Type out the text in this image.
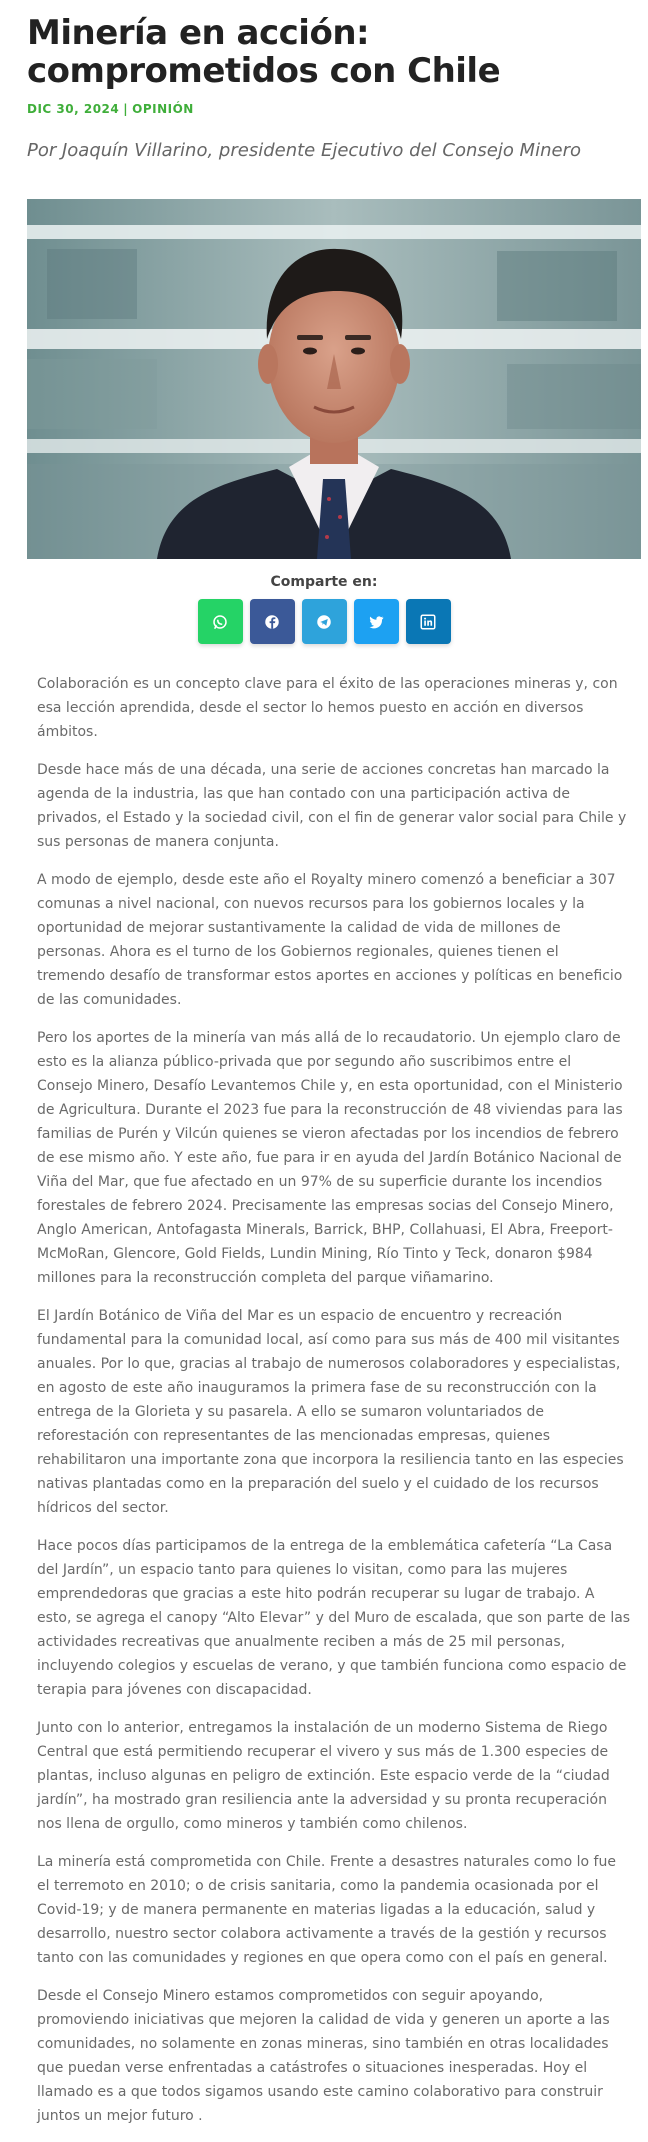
Minería en acción: comprometidos con Chile
DIC 30, 2024 | OPINIÓN
Por Joaquín Villarino, presidente Ejecutivo del Consejo Minero
Comparte en:

Colaboración es un concepto clave para el éxito de las operaciones mineras y, con esa lección aprendida, desde el sector lo hemos puesto en acción en diversos ámbitos.

Desde hace más de una década, una serie de acciones concretas han marcado la agenda de la industria, las que han contado con una participación activa de privados, el Estado y la sociedad civil, con el fin de generar valor social para Chile y sus personas de manera conjunta.

A modo de ejemplo, desde este año el Royalty minero comenzó a beneficiar a 307 comunas a nivel nacional, con nuevos recursos para los gobiernos locales y la oportunidad de mejorar sustantivamente la calidad de vida de millones de personas. Ahora es el turno de los Gobiernos regionales, quienes tienen el tremendo desafío de transformar estos aportes en acciones y políticas en beneficio de las comunidades.

Pero los aportes de la minería van más allá de lo recaudatorio. Un ejemplo claro de esto es la alianza público-privada que por segundo año suscribimos entre el Consejo Minero, Desafío Levantemos Chile y, en esta oportunidad, con el Ministerio de Agricultura. Durante el 2023 fue para la reconstrucción de 48 viviendas para las familias de Purén y Vilcún quienes se vieron afectadas por los incendios de febrero de ese mismo año. Y este año, fue para ir en ayuda del Jardín Botánico Nacional de Viña del Mar, que fue afectado en un 97% de su superficie durante los incendios forestales de febrero 2024. Precisamente las empresas socias del Consejo Minero, Anglo American, Antofagasta Minerals, Barrick, BHP, Collahuasi, El Abra, Freeport-McMoRan, Glencore, Gold Fields, Lundin Mining, Río Tinto y Teck, donaron $984 millones para la reconstrucción completa del parque viñamarino.

El Jardín Botánico de Viña del Mar es un espacio de encuentro y recreación fundamental para la comunidad local, así como para sus más de 400 mil visitantes anuales. Por lo que, gracias al trabajo de numerosos colaboradores y especialistas, en agosto de este año inauguramos la primera fase de su reconstrucción con la entrega de la Glorieta y su pasarela. A ello se sumaron voluntariados de reforestación con representantes de las mencionadas empresas, quienes rehabilitaron una importante zona que incorpora la resiliencia tanto en las especies nativas plantadas como en la preparación del suelo y el cuidado de los recursos hídricos del sector.

Hace pocos días participamos de la entrega de la emblemática cafetería “La Casa del Jardín”, un espacio tanto para quienes lo visitan, como para las mujeres emprendedoras que gracias a este hito podrán recuperar su lugar de trabajo. A esto, se agrega el canopy “Alto Elevar” y del Muro de escalada, que son parte de las actividades recreativas que anualmente reciben a más de 25 mil personas, incluyendo colegios y escuelas de verano, y que también funciona como espacio de terapia para jóvenes con discapacidad.

Junto con lo anterior, entregamos la instalación de un moderno Sistema de Riego Central que está permitiendo recuperar el vivero y sus más de 1.300 especies de plantas, incluso algunas en peligro de extinción. Este espacio verde de la “ciudad jardín”, ha mostrado gran resiliencia ante la adversidad y su pronta recuperación nos llena de orgullo, como mineros y también como chilenos.

La minería está comprometida con Chile. Frente a desastres naturales como lo fue el terremoto en 2010; o de crisis sanitaria, como la pandemia ocasionada por el Covid-19; y de manera permanente en materias ligadas a la educación, salud y desarrollo, nuestro sector colabora activamente a través de la gestión y recursos tanto con las comunidades y regiones en que opera como con el país en general.

Desde el Consejo Minero estamos comprometidos con seguir apoyando, promoviendo iniciativas que mejoren la calidad de vida y generen un aporte a las comunidades, no solamente en zonas mineras, sino también en otras localidades que puedan verse enfrentadas a catástrofes o situaciones inesperadas. Hoy el llamado es a que todos sigamos usando este camino colaborativo para construir juntos un mejor futuro .
